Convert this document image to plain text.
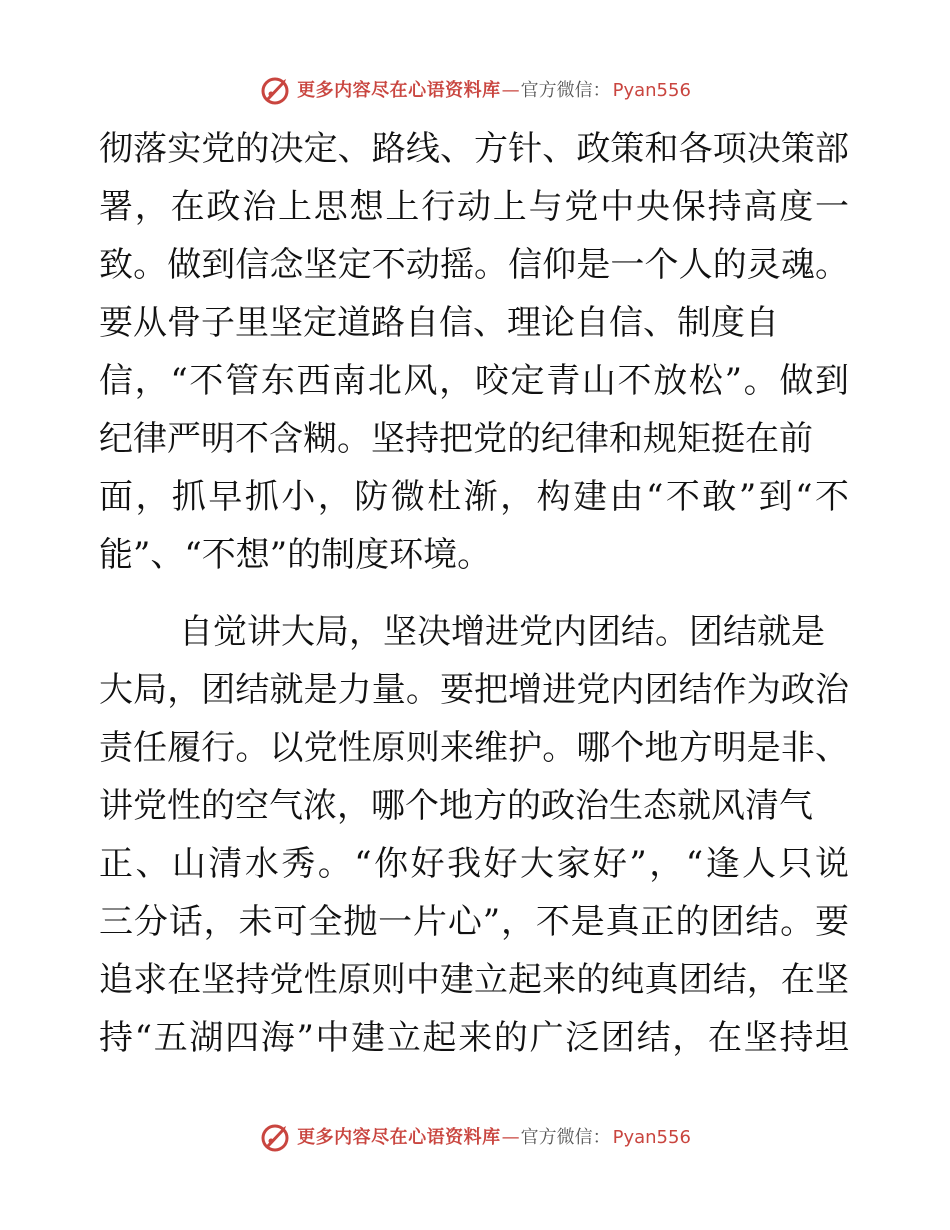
更多内容尽在心语资料库 — 官方微信： Pyan556
彻落实党的决定、路线、方针、政策和各项决策部
署，在政治上思想上行动上与党中央保持高度一
致。做到信念坚定不动摇。信仰是一个人的灵魂。
要从骨子里坚定道路自信、理论自信、制度自
信，“不管东西南北风，咬定青山不放松”。做到
纪律严明不含糊。坚持把党的纪律和规矩挺在前
面，抓早抓小，防微杜渐，构建由“不敢”到“不
能”、“不想”的制度环境。
自觉讲大局，坚决增进党内团结。团结就是
大局，团结就是力量。要把增进党内团结作为政治
责任履行。以党性原则来维护。哪个地方明是非、
讲党性的空气浓，哪个地方的政治生态就风清气
正、山清水秀。“你好我好大家好”，“逢人只说
三分话，未可全抛一片心”，不是真正的团结。要
追求在坚持党性原则中建立起来的纯真团结，在坚
持“五湖四海”中建立起来的广泛团结，在坚持坦
更多内容尽在心语资料库 — 官方微信： Pyan556
